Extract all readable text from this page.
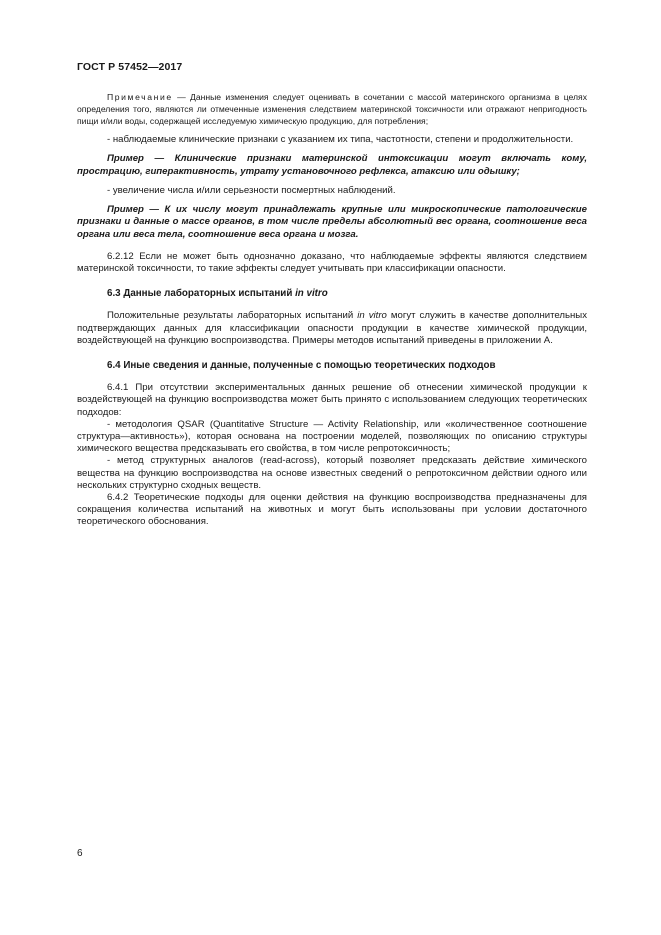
ГОСТ Р 57452—2017

Примечание — Данные изменения следует оценивать в сочетании с массой материнского организма в целях определения того, являются ли отмеченные изменения следствием материнской токсичности или отражают непригодность пищи и/или воды, содержащей исследуемую химическую продукцию, для потребления;

- наблюдаемые клинические признаки с указанием их типа, частотности, степени и продолжительности.

Пример — Клинические признаки материнской интоксикации могут включать кому, прострацию, гиперактивность, утрату установочного рефлекса, атаксию или одышку;

- увеличение числа и/или серьезности посмертных наблюдений.

Пример — К их числу могут принадлежать крупные или микроскопические патологические признаки и данные о массе органов, в том числе пределы абсолютный вес органа, соотношение веса органа или веса тела, соотношение веса органа и мозга.

6.2.12 Если не может быть однозначно доказано, что наблюдаемые эффекты являются следствием материнской токсичности, то такие эффекты следует учитывать при классификации опасности.

6.3 Данные лабораторных испытаний in vitro

Положительные результаты лабораторных испытаний in vitro могут служить в качестве дополнительных подтверждающих данных для классификации опасности продукции в качестве химической продукции, воздействующей на функцию воспроизводства. Примеры методов испытаний приведены в приложении А.

6.4 Иные сведения и данные, полученные с помощью теоретических подходов

6.4.1 При отсутствии экспериментальных данных решение об отнесении химической продукции к воздействующей на функцию воспроизводства может быть принято с использованием следующих теоретических подходов:

- методология QSAR (Quantitative Structure — Activity Relationship, или «количественное соотношение структура—активность»), которая основана на построении моделей, позволяющих по описанию структуры химического вещества предсказывать его свойства, в том числе репротоксичность;

- метод структурных аналогов (read-across), который позволяет предсказать действие химического вещества на функцию воспроизводства на основе известных сведений о репротоксичном действии одного или нескольких структурно сходных веществ.

6.4.2 Теоретические подходы для оценки действия на функцию воспроизводства предназначены для сокращения количества испытаний на животных и могут быть использованы при условии достаточного теоретического обоснования.

6
